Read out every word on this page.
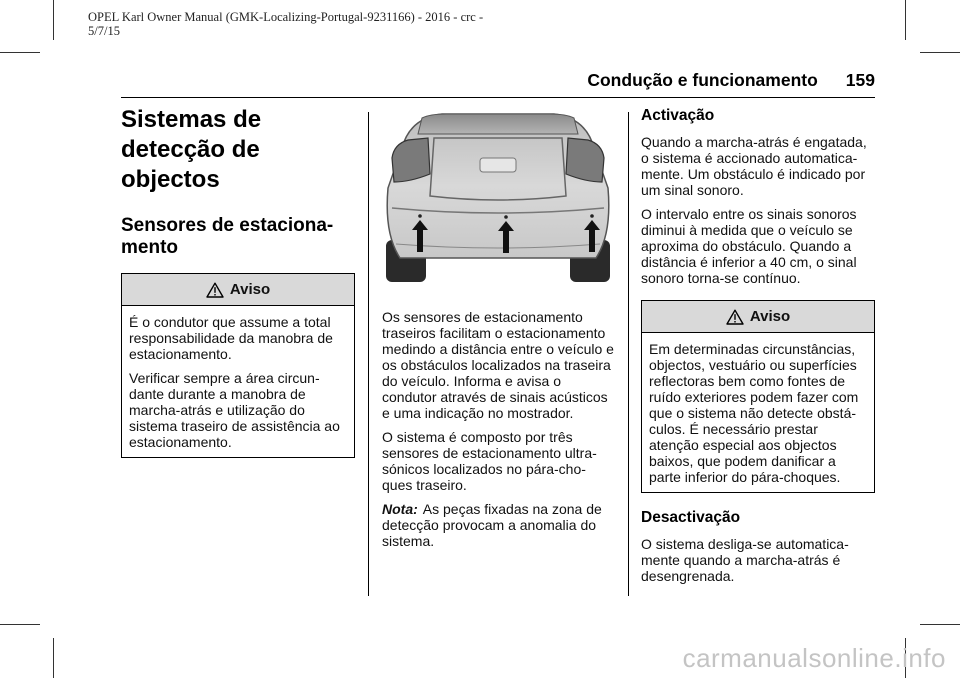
OPEL Karl Owner Manual (GMK-Localizing-Portugal-9231166) - 2016 - crc -
5/7/15
Condução e funcionamento 159
Sistemas de detecção de objectos
Sensores de estaciona- mento
Aviso

É o condutor que assume a total responsabilidade da manobra de estacionamento.

Verificar sempre a área circun- dante durante a manobra de marcha-atrás e utilização do sistema traseiro de assistência ao estacionamento.

Os sensores de estacionamento traseiros facilitam o estacionamento medindo a distância entre o veículo e os obstáculos localizados na traseira do veículo. Informa e avisa o condutor através de sinais acústicos e uma indicação no mostrador.

O sistema é composto por três sensores de estacionamento ultra- sónicos localizados no pára-cho- ques traseiro.

Nota: As peças fixadas na zona de detecção provocam a anomalia do sistema.

Activação

Quando a marcha-atrás é engatada, o sistema é accionado automatica- mente. Um obstáculo é indicado por um sinal sonoro.

O intervalo entre os sinais sonoros diminui à medida que o veículo se aproxima do obstáculo. Quando a distância é inferior a 40 cm, o sinal sonoro torna-se contínuo.

Aviso

Em determinadas circunstâncias, objectos, vestuário ou superfícies reflectoras bem como fontes de ruído exteriores podem fazer com que o sistema não detecte obstá- culos. É necessário prestar atenção especial aos objectos baixos, que podem danificar a parte inferior do pára-choques.

Desactivação

O sistema desliga-se automatica- mente quando a marcha-atrás é desengrenada.

carmanualsonline.info
